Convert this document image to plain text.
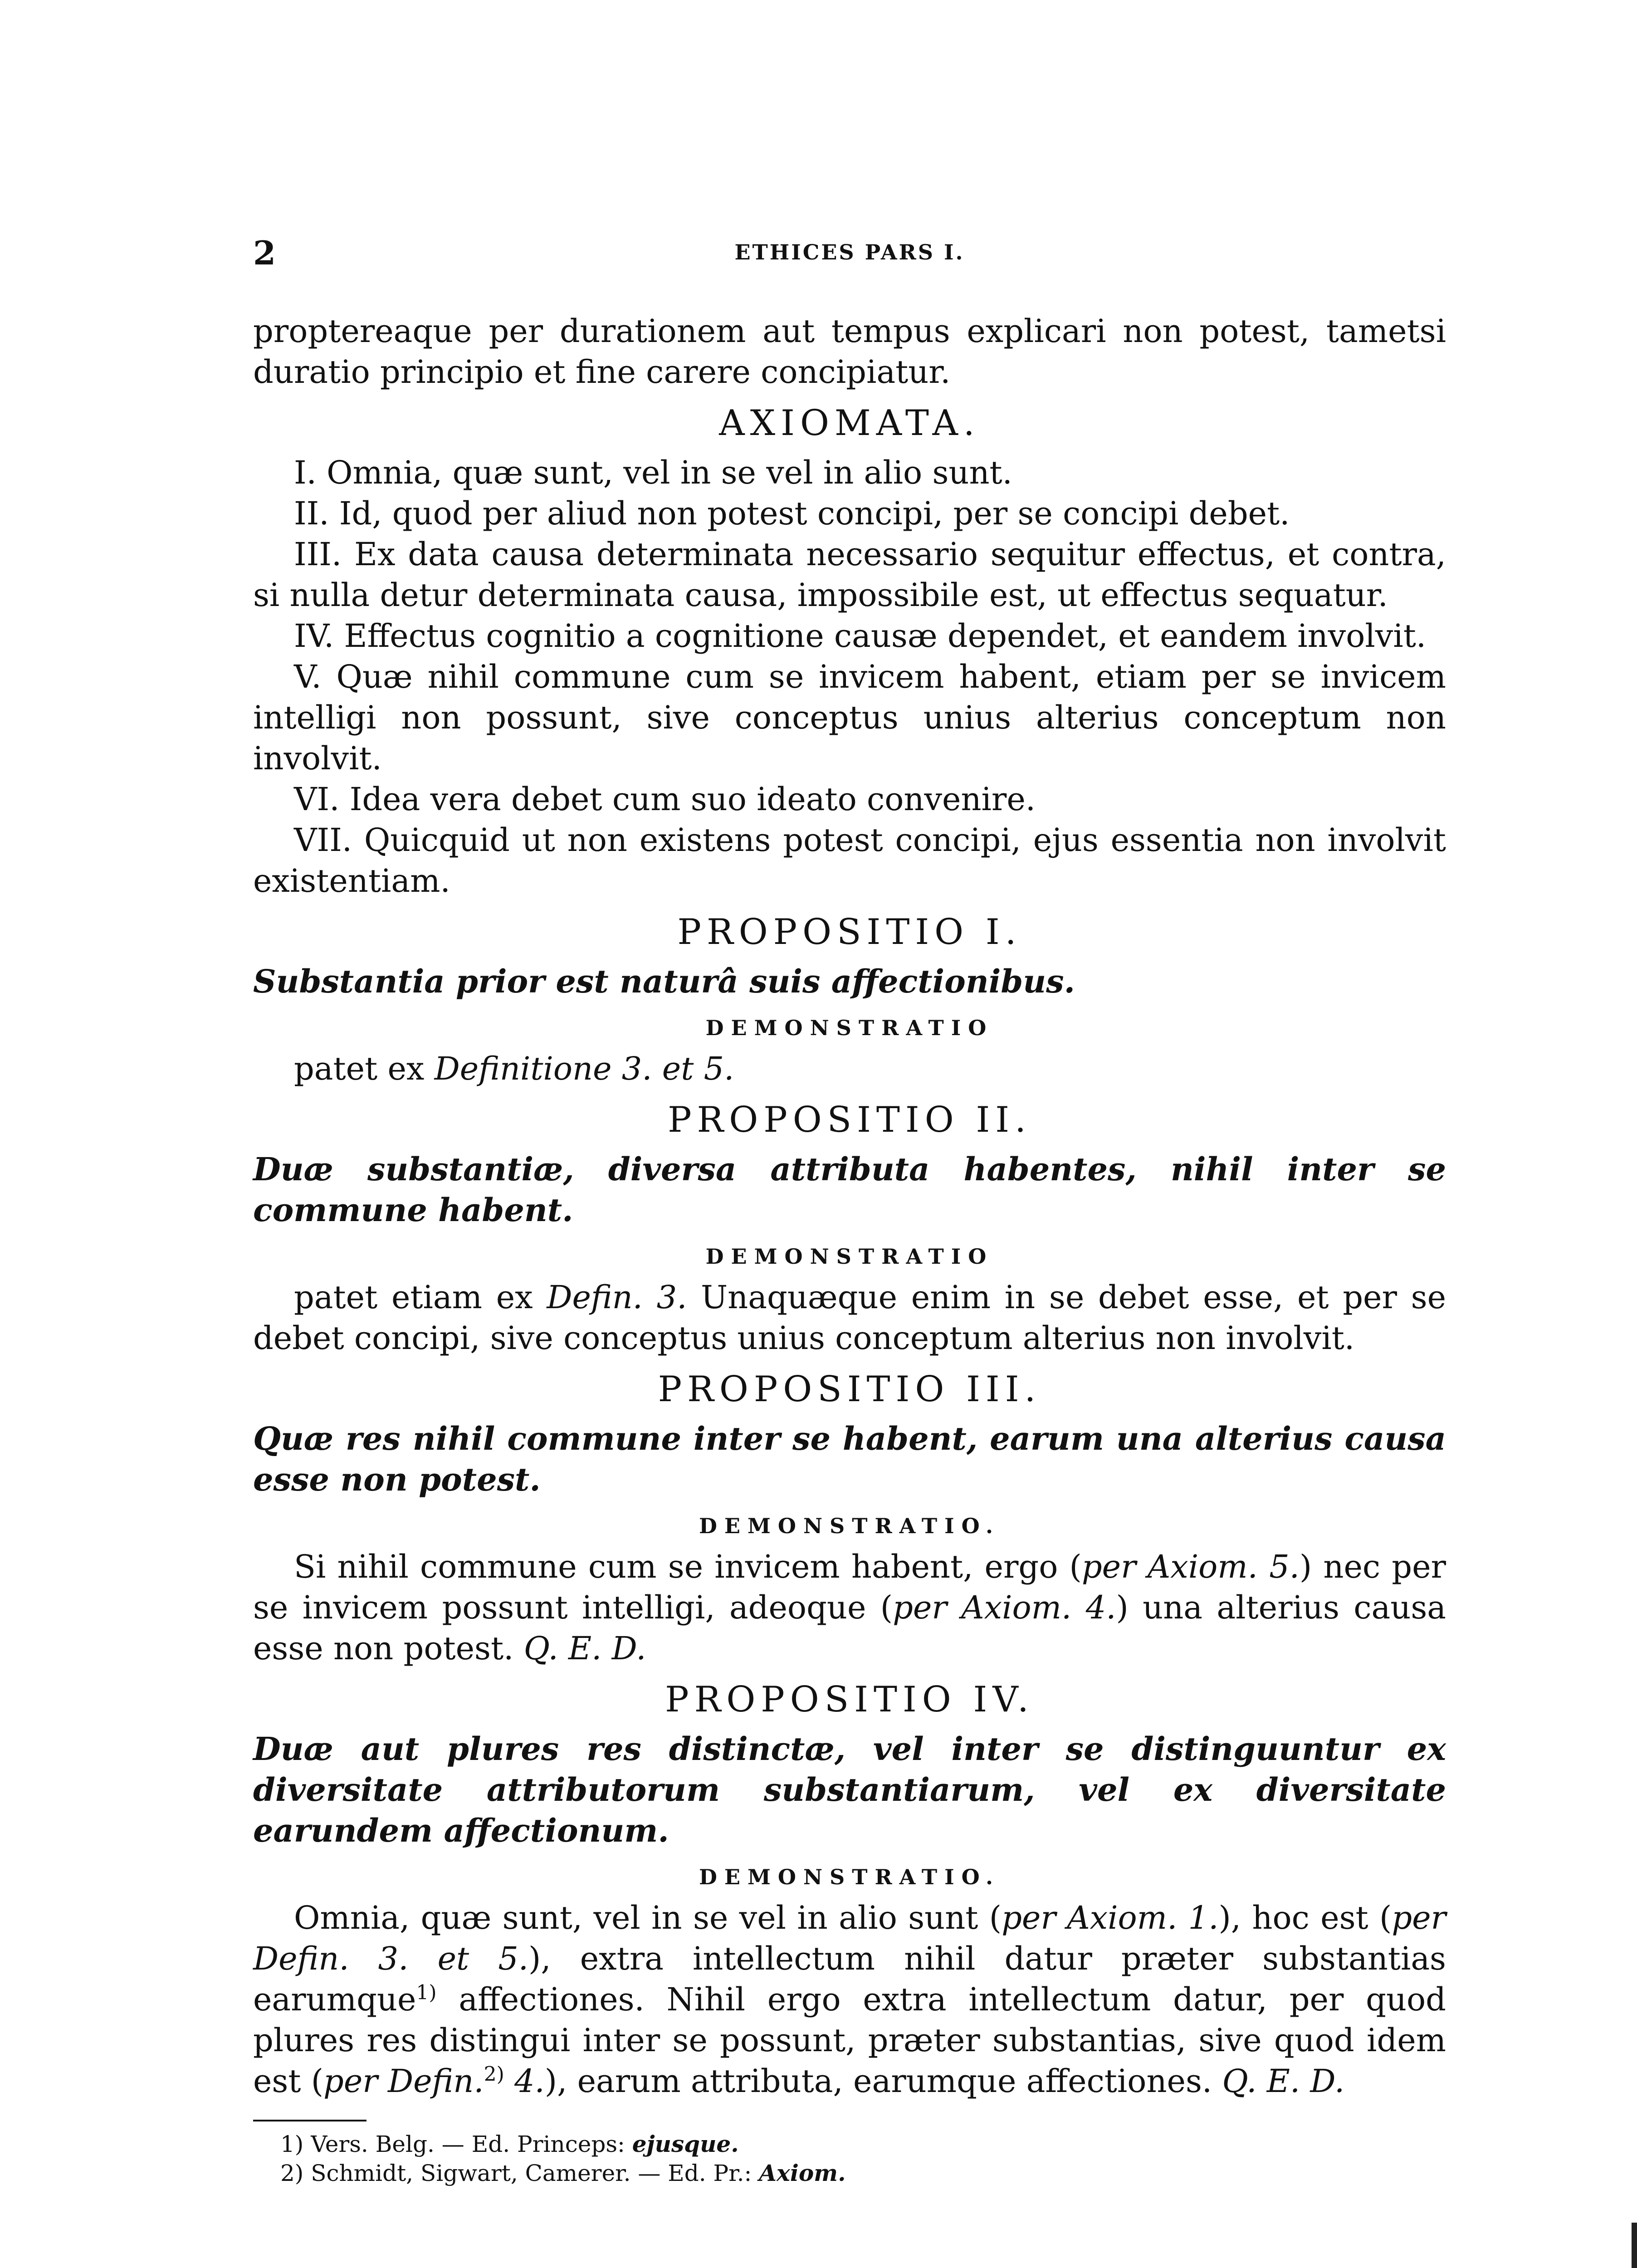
2	ETHICES PARS I.

proptereaque per durationem aut tempus explicari non potest, tametsi duratio principio et fine carere concipiatur.

AXIOMATA.

I. Omnia, quæ sunt, vel in se vel in alio sunt.

II. Id, quod per aliud non potest concipi, per se concipi debet.

III. Ex data causa determinata necessario sequitur effectus, et contra, si nulla detur determinata causa, impossibile est, ut effectus sequatur.

IV. Effectus cognitio a cognitione causæ dependet, et eandem involvit.

V. Quæ nihil commune cum se invicem habent, etiam per se invicem intelligi non possunt, sive conceptus unius alterius conceptum non involvit.

VI. Idea vera debet cum suo ideato convenire.

VII. Quicquid ut non existens potest concipi, ejus essentia non involvit existentiam.

PROPOSITIO I.

Substantia prior est naturâ suis affectionibus.

DEMONSTRATIO

patet ex Definitione 3. et 5.

PROPOSITIO II.

Duæ substantiæ, diversa attributa habentes, nihil inter se commune habent.

DEMONSTRATIO

patet etiam ex Defin. 3. Unaquæque enim in se debet esse, et per se debet concipi, sive conceptus unius conceptum alterius non involvit.

PROPOSITIO III.

Quæ res nihil commune inter se habent, earum una alterius causa esse non potest.

DEMONSTRATIO.

Si nihil commune cum se invicem habent, ergo (per Axiom. 5.) nec per se invicem possunt intelligi, adeoque (per Axiom. 4.) una alterius causa esse non potest. Q. E. D.

PROPOSITIO IV.

Duæ aut plures res distinctæ, vel inter se distinguuntur ex diversitate attributorum substantiarum, vel ex diversitate earundem affectionum.

DEMONSTRATIO.

Omnia, quæ sunt, vel in se vel in alio sunt (per Axiom. 1.), hoc est (per Defin. 3. et 5.), extra intellectum nihil datur præter substantias earumque$^{1)}$ affectiones. Nihil ergo extra intellectum datur, per quod plures res distingui inter se possunt, præter substantias, sive quod idem est (per Defin.$^{2)}$ 4.), earum attributa, earumque affectiones. Q. E. D.

1) Vers. Belg. — Ed. Princeps: ejusque.

2) Schmidt, Sigwart, Camerer. — Ed. Pr.: Axiom.
